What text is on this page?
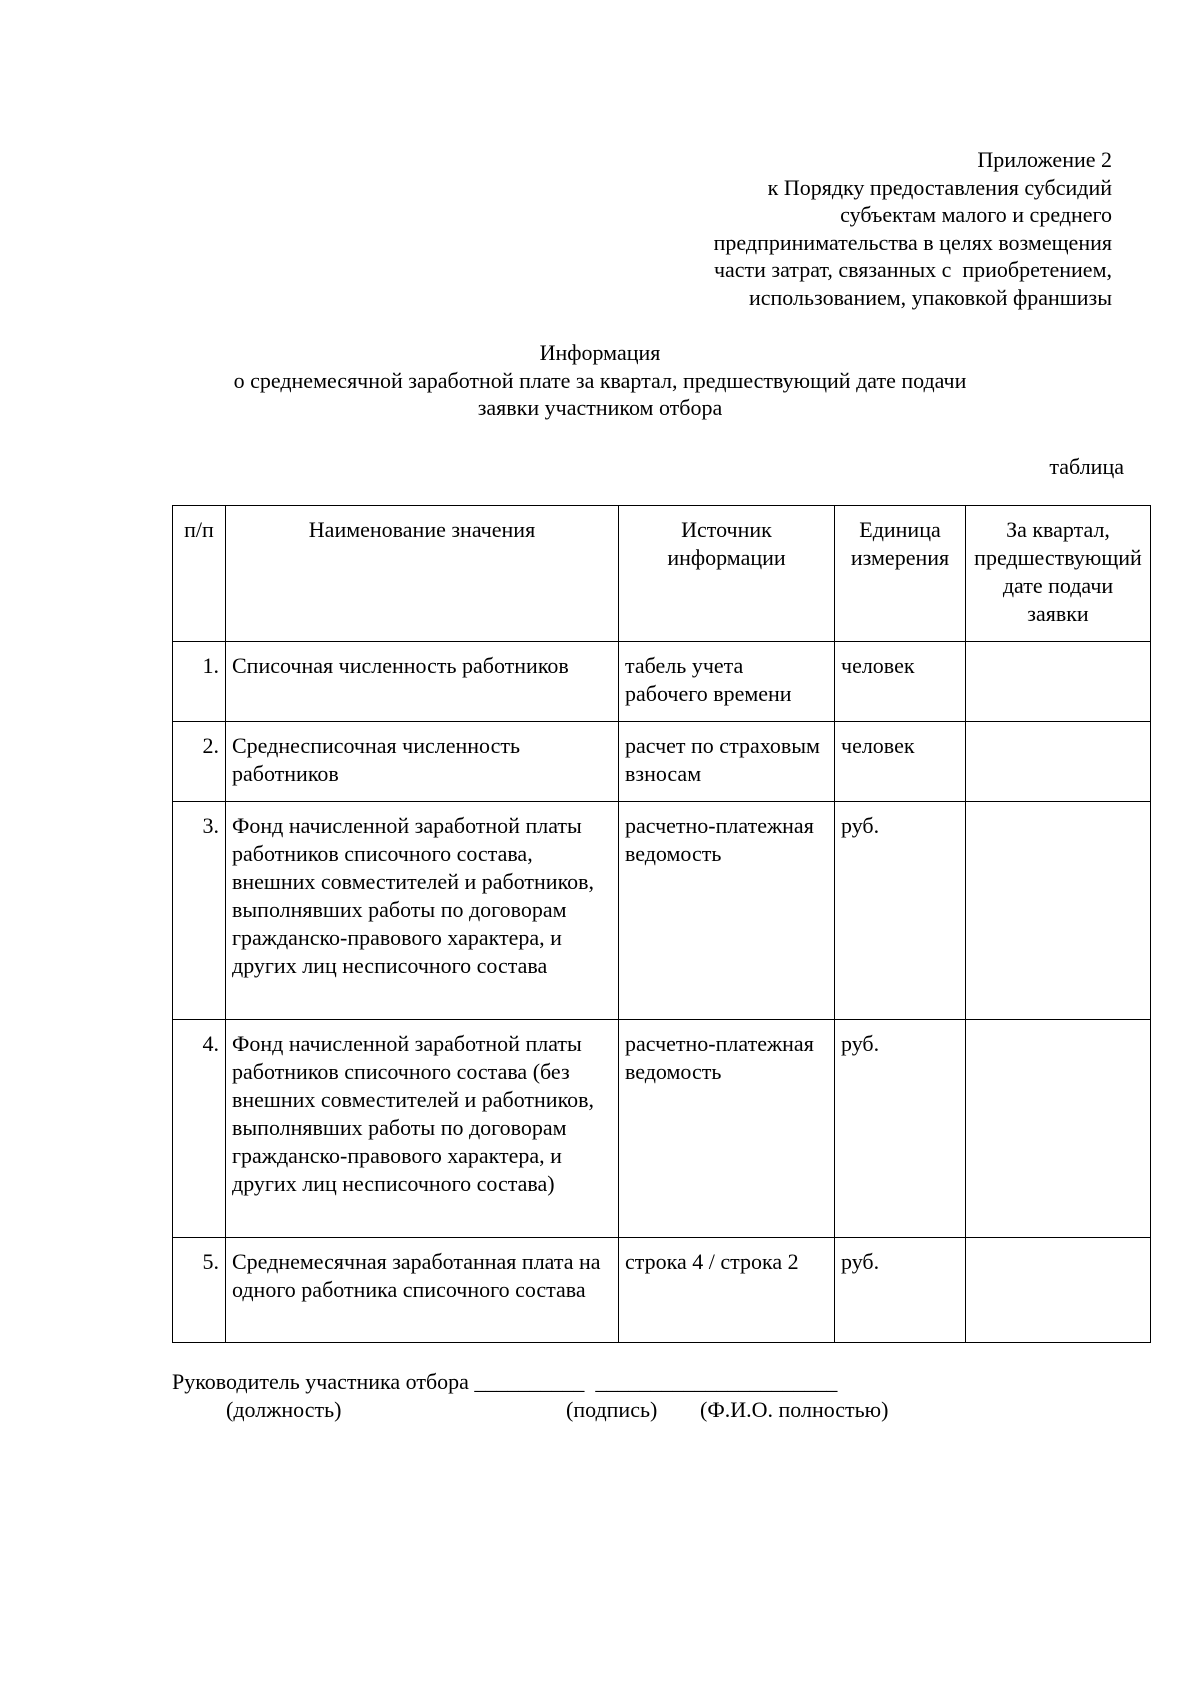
Приложение 2
к Порядку предоставления субсидий
субъектам малого и среднего
предпринимательства в целях возмещения
части затрат, связанных с  приобретением,
использованием, упаковкой франшизы
Информация
о среднемесячной заработной плате за квартал, предшествующий дате подачи
заявки участником отбора
таблица
п/п	Наименование значения	Источник информации	Единица измерения	За квартал, предшествующий дате подачи заявки
1.	Списочная численность работников	табель учета рабочего времени	человек	
2.	Среднесписочная численность работников	расчет по страховым взносам	человек	
3.	Фонд начисленной заработной платы работников списочного состава, внешних совместителей и работников, выполнявших работы по договорам гражданско-правового характера, и других лиц несписочного состава	расчетно-платежная ведомость	руб.	
4.	Фонд начисленной заработной платы работников списочного состава (без внешних совместителей и работников, выполнявших работы по договорам гражданско-правового характера, и других лиц несписочного состава)	расчетно-платежная ведомость	руб.	
5.	Среднемесячная заработанная плата на одного работника списочного состава	строка 4 / строка 2	руб.	
Руководитель участника отбора __________  ______________________
(должность)	(подпись) (Ф.И.О. полностью)
